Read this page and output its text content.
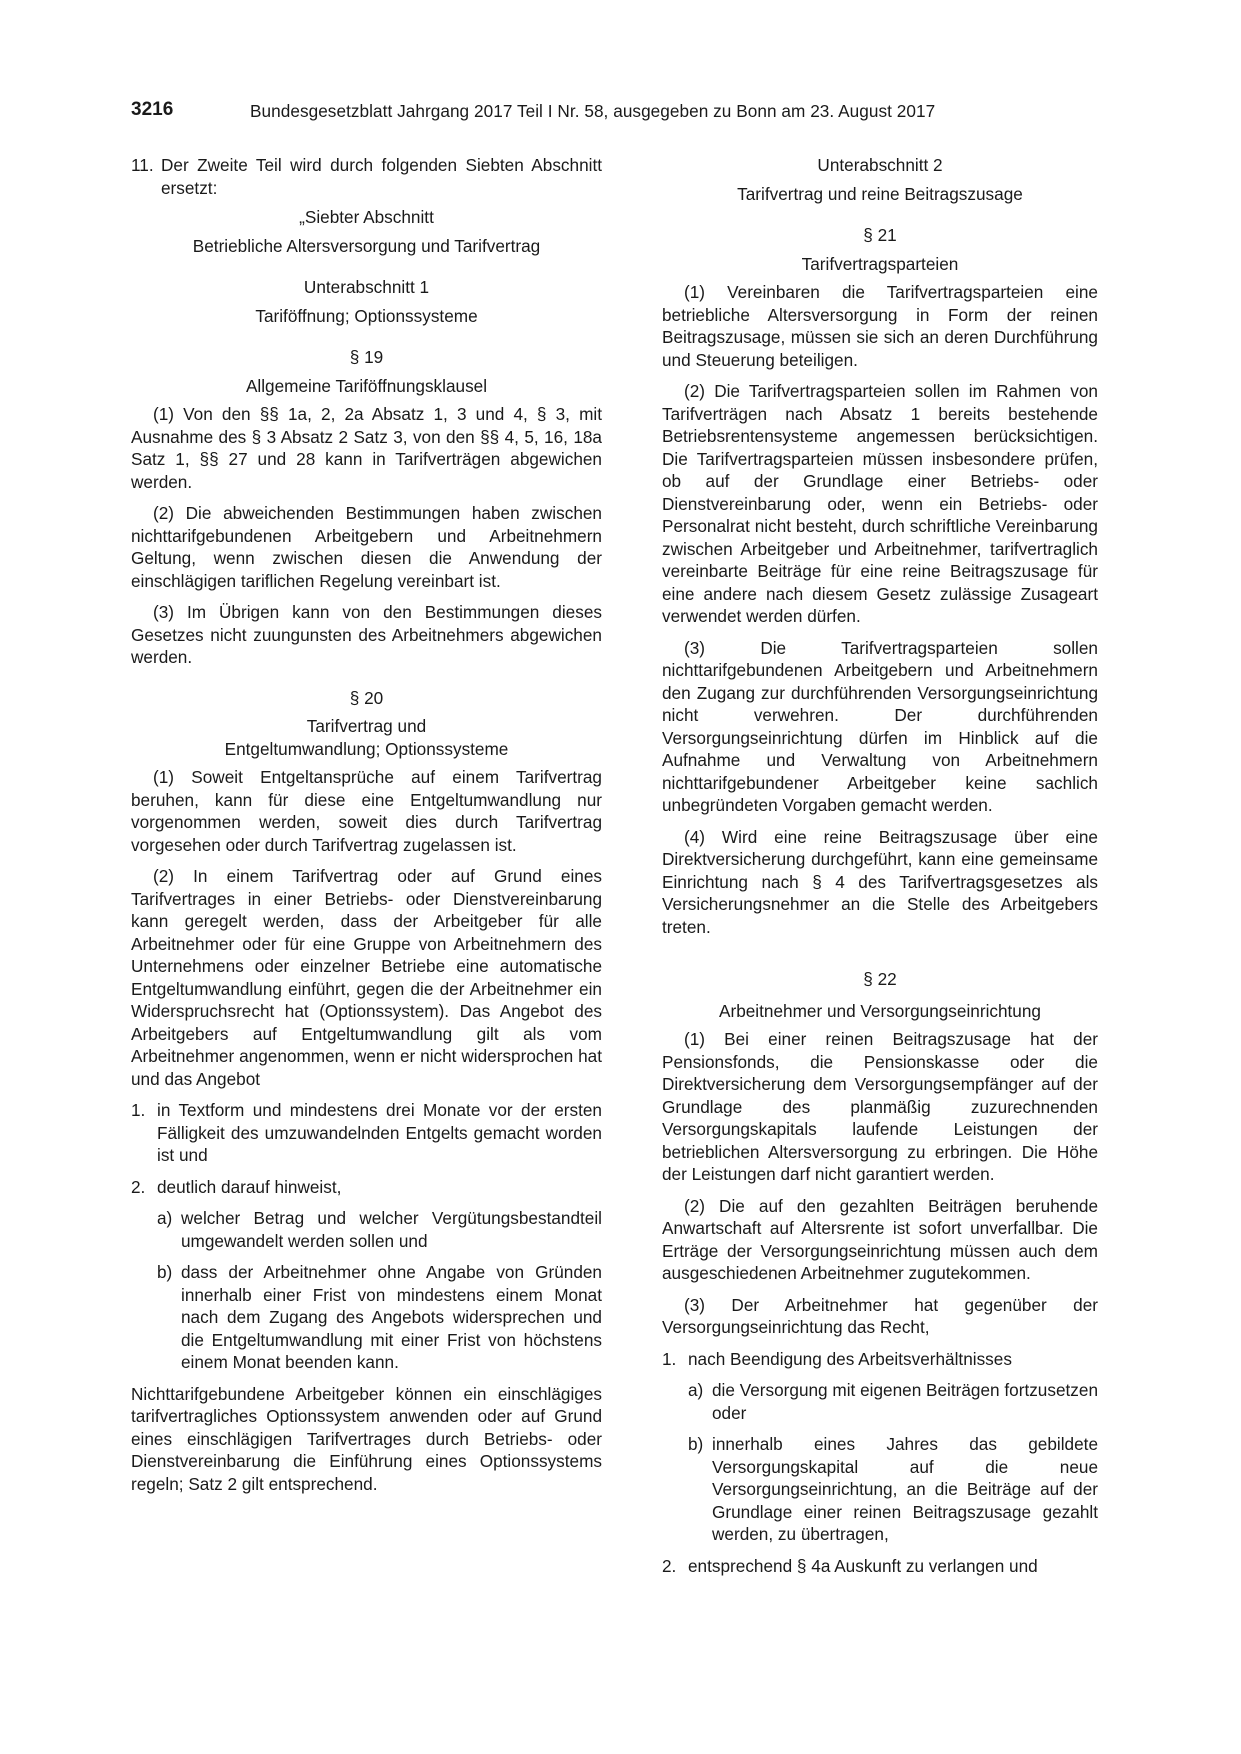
3216	Bundesgesetzblatt Jahrgang 2017 Teil I Nr. 58, ausgegeben zu Bonn am 23. August 2017
11. Der Zweite Teil wird durch folgenden Siebten Abschnitt ersetzt:

„Siebter Abschnitt

Betriebliche Altersversorgung und Tarifvertrag

Unterabschnitt 1

Tariföffnung; Optionssysteme

§ 19

Allgemeine Tariföffnungsklausel

(1) Von den §§ 1a, 2, 2a Absatz 1, 3 und 4, § 3, mit Ausnahme des § 3 Absatz 2 Satz 3, von den §§ 4, 5, 16, 18a Satz 1, §§ 27 und 28 kann in Tarifverträgen abgewichen werden.

(2) Die abweichenden Bestimmungen haben zwischen nichttarifgebundenen Arbeitgebern und Arbeitnehmern Geltung, wenn zwischen diesen die Anwendung der einschlägigen tariflichen Regelung vereinbart ist.

(3) Im Übrigen kann von den Bestimmungen dieses Gesetzes nicht zuungunsten des Arbeitnehmers abgewichen werden.

§ 20

Tarifvertrag und

Entgeltumwandlung; Optionssysteme

(1) Soweit Entgeltansprüche auf einem Tarifvertrag beruhen, kann für diese eine Entgeltumwandlung nur vorgenommen werden, soweit dies durch Tarifvertrag vorgesehen oder durch Tarifvertrag zugelassen ist.

(2) In einem Tarifvertrag oder auf Grund eines Tarifvertrages in einer Betriebs- oder Dienstvereinbarung kann geregelt werden, dass der Arbeitgeber für alle Arbeitnehmer oder für eine Gruppe von Arbeitnehmern des Unternehmens oder einzelner Betriebe eine automatische Entgeltumwandlung einführt, gegen die der Arbeitnehmer ein Widerspruchsrecht hat (Optionssystem). Das Angebot des Arbeitgebers auf Entgeltumwandlung gilt als vom Arbeitnehmer angenommen, wenn er nicht widersprochen hat und das Angebot

1. in Textform und mindestens drei Monate vor der ersten Fälligkeit des umzuwandelnden Entgelts gemacht worden ist und
2. deutlich darauf hinweist,
a) welcher Betrag und welcher Vergütungsbestandteil umgewandelt werden sollen und
b) dass der Arbeitnehmer ohne Angabe von Gründen innerhalb einer Frist von mindestens einem Monat nach dem Zugang des Angebots widersprechen und die Entgeltumwandlung mit einer Frist von höchstens einem Monat beenden kann.

Nichttarifgebundene Arbeitgeber können ein einschlägiges tarifvertragliches Optionssystem anwenden oder auf Grund eines einschlägigen Tarifvertrages durch Betriebs- oder Dienstvereinbarung die Einführung eines Optionssystems regeln; Satz 2 gilt entsprechend.

Unterabschnitt 2

Tarifvertrag und reine Beitragszusage

§ 21

Tarifvertragsparteien

(1) Vereinbaren die Tarifvertragsparteien eine betriebliche Altersversorgung in Form der reinen Beitragszusage, müssen sie sich an deren Durchführung und Steuerung beteiligen.

(2) Die Tarifvertragsparteien sollen im Rahmen von Tarifverträgen nach Absatz 1 bereits bestehende Betriebsrentensysteme angemessen berücksichtigen. Die Tarifvertragsparteien müssen insbesondere prüfen, ob auf der Grundlage einer Betriebs- oder Dienstvereinbarung oder, wenn ein Betriebs- oder Personalrat nicht besteht, durch schriftliche Vereinbarung zwischen Arbeitgeber und Arbeitnehmer, tarifvertraglich vereinbarte Beiträge für eine reine Beitragszusage für eine andere nach diesem Gesetz zulässige Zusageart verwendet werden dürfen.

(3) Die Tarifvertragsparteien sollen nichttarifgebundenen Arbeitgebern und Arbeitnehmern den Zugang zur durchführenden Versorgungseinrichtung nicht verwehren. Der durchführenden Versorgungseinrichtung dürfen im Hinblick auf die Aufnahme und Verwaltung von Arbeitnehmern nichttarifgebundener Arbeitgeber keine sachlich unbegründeten Vorgaben gemacht werden.

(4) Wird eine reine Beitragszusage über eine Direktversicherung durchgeführt, kann eine gemeinsame Einrichtung nach § 4 des Tarifvertragsgesetzes als Versicherungsnehmer an die Stelle des Arbeitgebers treten.

§ 22

Arbeitnehmer und Versorgungseinrichtung

(1) Bei einer reinen Beitragszusage hat der Pensionsfonds, die Pensionskasse oder die Direktversicherung dem Versorgungsempfänger auf der Grundlage des planmäßig zuzurechnenden Versorgungskapitals laufende Leistungen der betrieblichen Altersversorgung zu erbringen. Die Höhe der Leistungen darf nicht garantiert werden.

(2) Die auf den gezahlten Beiträgen beruhende Anwartschaft auf Altersrente ist sofort unverfallbar. Die Erträge der Versorgungseinrichtung müssen auch dem ausgeschiedenen Arbeitnehmer zugutekommen.

(3) Der Arbeitnehmer hat gegenüber der Versorgungseinrichtung das Recht,

1. nach Beendigung des Arbeitsverhältnisses
a) die Versorgung mit eigenen Beiträgen fortzusetzen oder
b) innerhalb eines Jahres das gebildete Versorgungskapital auf die neue Versorgungseinrichtung, an die Beiträge auf der Grundlage einer reinen Beitragszusage gezahlt werden, zu übertragen,
2. entsprechend § 4a Auskunft zu verlangen und
